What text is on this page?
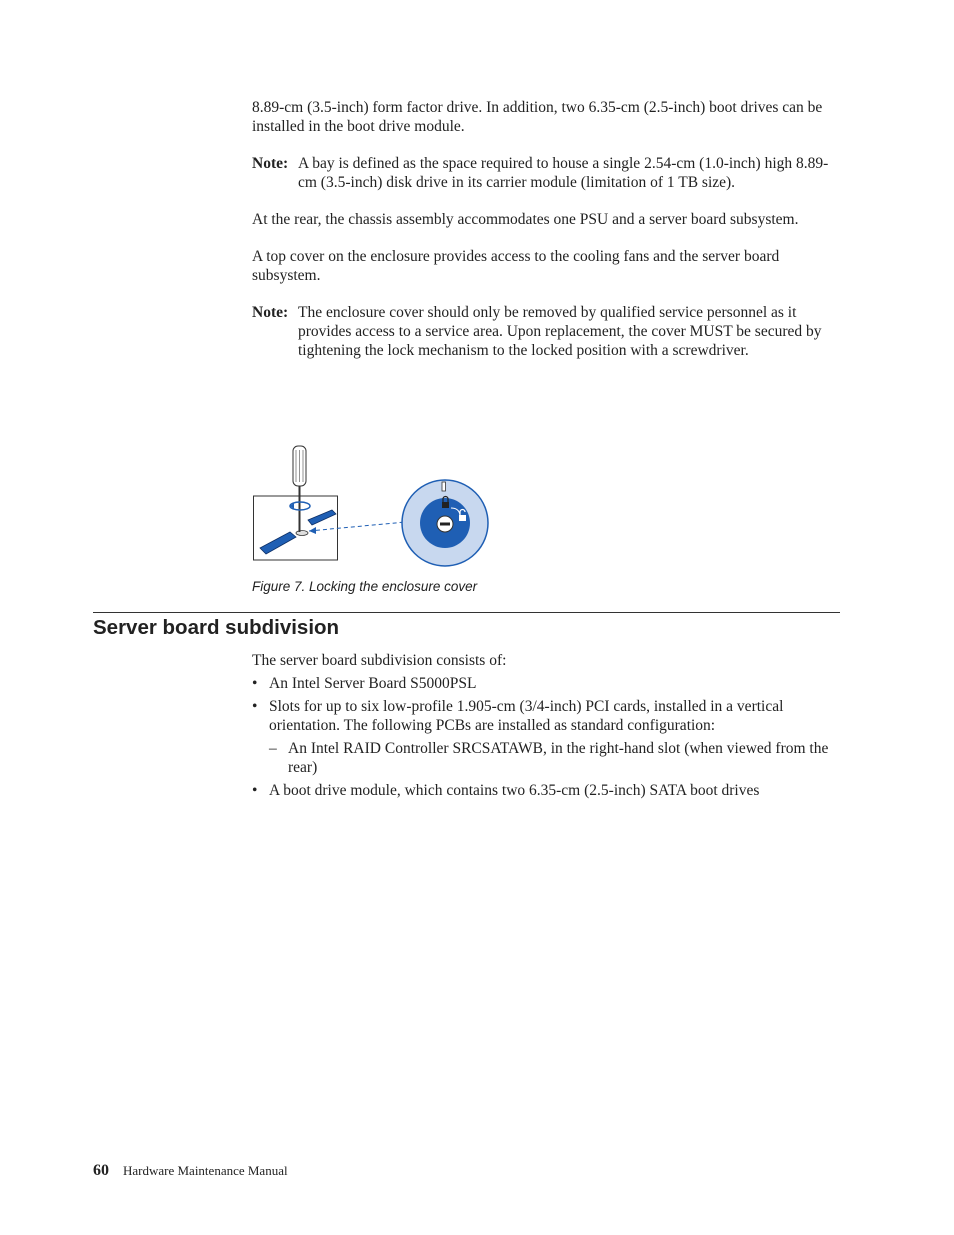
8.89-cm (3.5-inch) form factor drive. In addition, two 6.35-cm (2.5-inch) boot drives can be installed in the boot drive module.

Note: A bay is defined as the space required to house a single 2.54-cm (1.0-inch) high 8.89-cm (3.5-inch) disk drive in its carrier module (limitation of 1 TB size).

At the rear, the chassis assembly accommodates one PSU and a server board subsystem.

A top cover on the enclosure provides access to the cooling fans and the server board subsystem.

Note: The enclosure cover should only be removed by qualified service personnel as it provides access to a service area. Upon replacement, the cover MUST be secured by tightening the lock mechanism to the locked position with a screwdriver.
Figure 7. Locking the enclosure cover
Server board subdivision

The server board subdivision consists of:

• An Intel Server Board S5000PSL
• Slots for up to six low-profile 1.905-cm (3/4-inch) PCI cards, installed in a vertical orientation. The following PCBs are installed as standard configuration:
– An Intel RAID Controller SRCSATAWB, in the right-hand slot (when viewed from the rear)
• A boot drive module, which contains two 6.35-cm (2.5-inch) SATA boot drives
60 Hardware Maintenance Manual
